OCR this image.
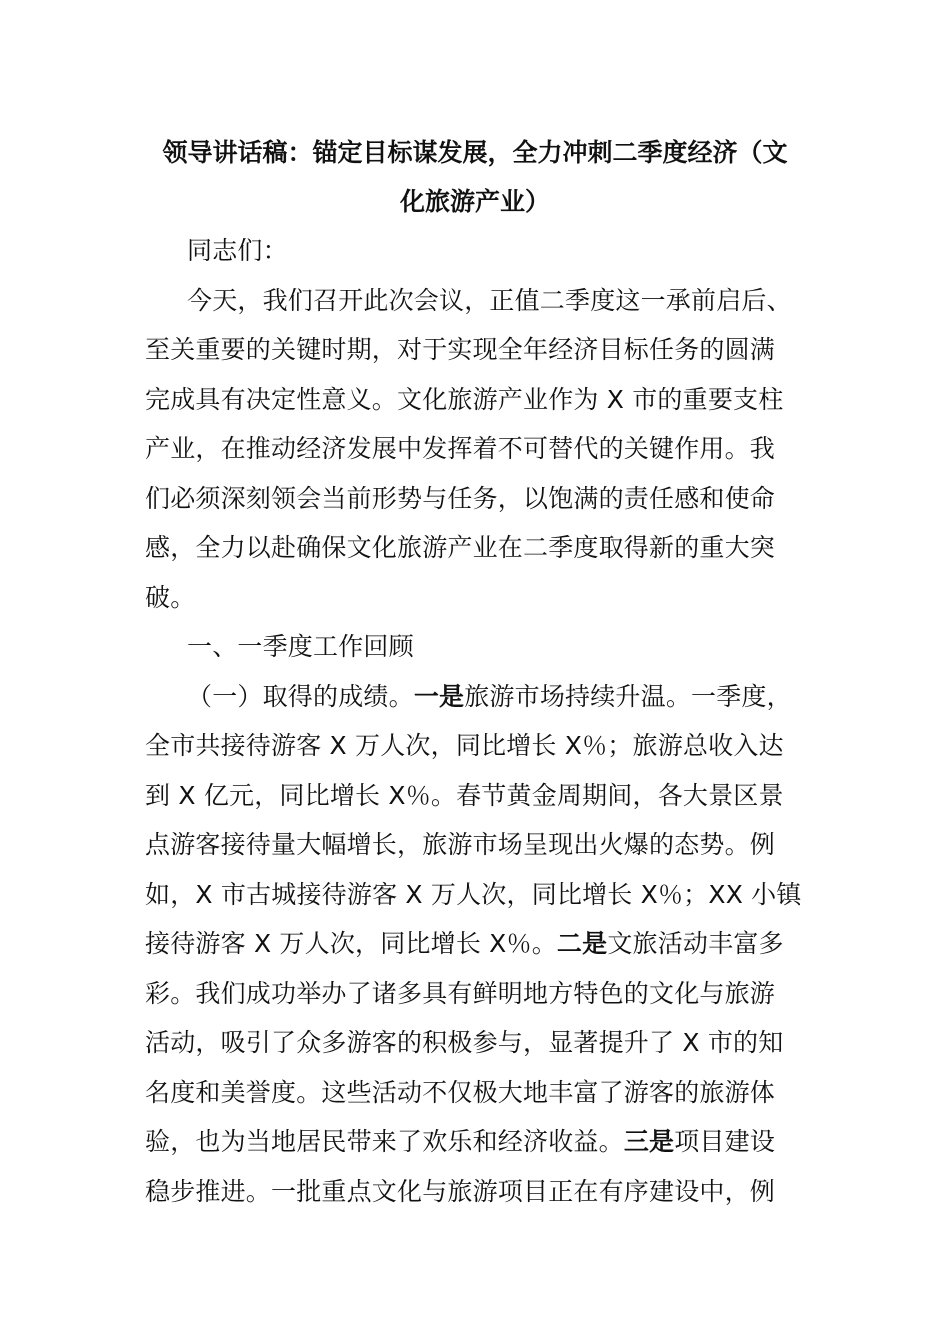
领导讲话稿：锚定目标谋发展，全力冲刺二季度经济（文
化旅游产业）
同志们：
今天，我们召开此次会议，正值二季度这一承前启后、
至关重要的关键时期，对于实现全年经济目标任务的圆满
完成具有决定性意义。文化旅游产业作为 X 市的重要支柱
产业，在推动经济发展中发挥着不可替代的关键作用。我
们必须深刻领会当前形势与任务，以饱满的责任感和使命
感，全力以赴确保文化旅游产业在二季度取得新的重大突
破。
一、一季度工作回顾
（一）取得的成绩。一是旅游市场持续升温。一季度，
全市共接待游客 X 万人次，同比增长 X％；旅游总收入达
到 X 亿元，同比增长 X％。春节黄金周期间，各大景区景
点游客接待量大幅增长，旅游市场呈现出火爆的态势。例
如，X 市古城接待游客 X 万人次，同比增长 X％；XX 小镇
接待游客 X 万人次，同比增长 X％。二是文旅活动丰富多
彩。我们成功举办了诸多具有鲜明地方特色的文化与旅游
活动，吸引了众多游客的积极参与，显著提升了 X 市的知
名度和美誉度。这些活动不仅极大地丰富了游客的旅游体
验，也为当地居民带来了欢乐和经济收益。三是项目建设
稳步推进。一批重点文化与旅游项目正在有序建设中，例
